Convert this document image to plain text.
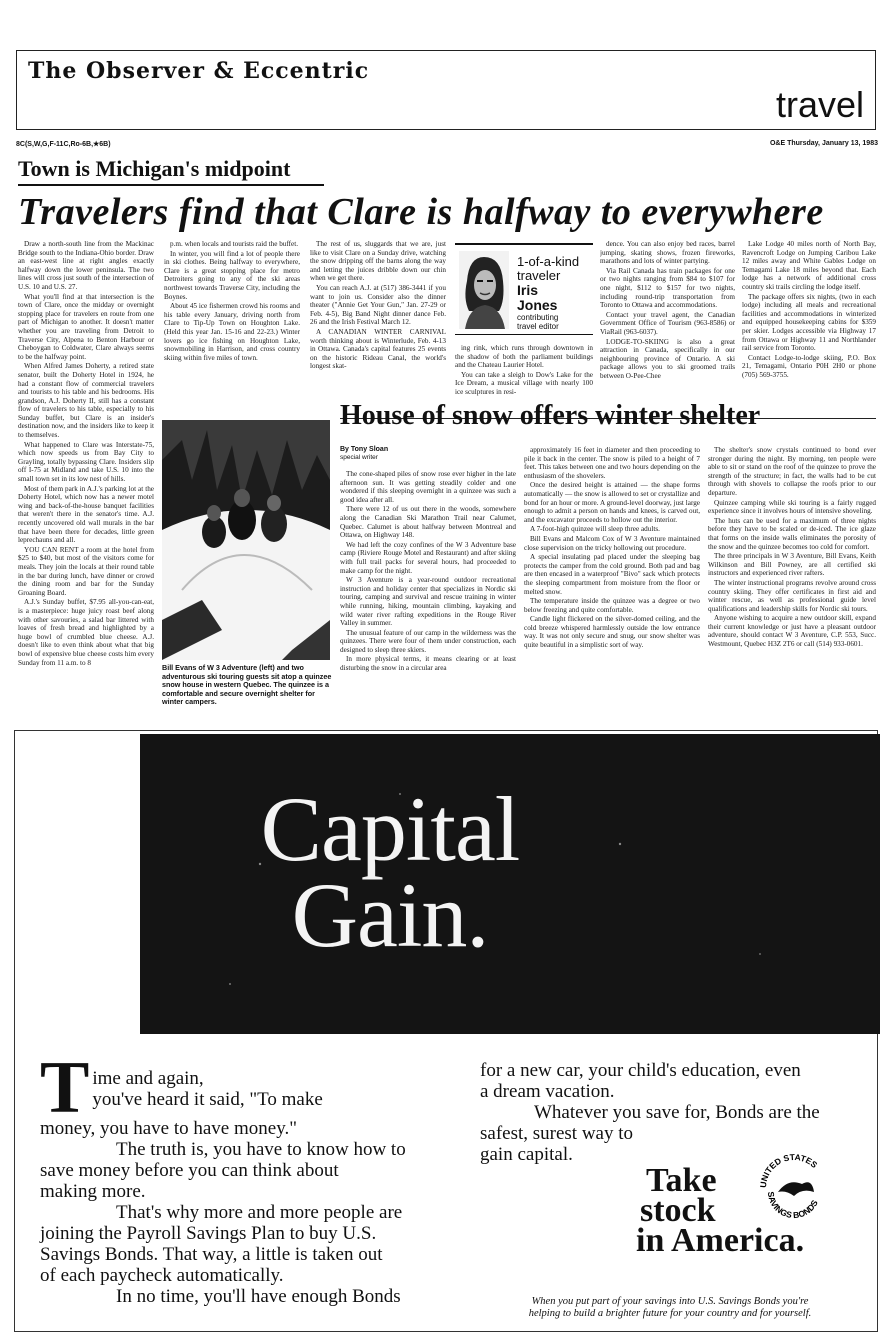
The Observer & Eccentric
travel
8C(S,W,G,F-11C,Ro-6B,★6B)	O&E Thursday, January 13, 1983
Town is Michigan's midpoint
Travelers find that Clare is halfway to everywhere

Draw a north-south line from the Mackinac Bridge south to the Indiana-Ohio border. Draw an east-west line at right angles exactly halfway down the lower peninsula. The two lines will cross just south of the intersection of U.S. 10 and U.S. 27.

What you'll find at that intersection is the town of Clare, once the midday or overnight stopping place for travelers en route from one part of Michigan to another. It doesn't matter whether you are traveling from Detroit to Traverse City, Alpena to Benton Harbour or Cheboygan to Coldwater, Clare always seems to be the halfway point.

When Alfred James Doherty, a retired state senator, built the Doherty Hotel in 1924, he had a constant flow of commercial travelers and tourists to his table and his bedrooms. His grandson, A.J. Doherty II, still has a constant flow of travelers to his table, especially to his Sunday buffet, but Clare is an insider's destination now, and the insiders like to keep it to themselves.

What happened to Clare was Interstate-75, which now speeds us from Bay City to Grayling, totally bypassing Clare. Insiders slip off I-75 at Midland and take U.S. 10 into the small town set in its low nest of hills.

Most of them park in A.J.'s parking lot at the Doherty Hotel, which now has a newer motel wing and back-of-the-house banquet facilities that weren't there in the senator's time. A.J. recently uncovered old wall murals in the bar that have been there for decades, little green leprechauns and all.

YOU CAN RENT a room at the hotel from $25 to $40, but most of the visitors come for meals. They join the locals at their round table in the bar during lunch, have dinner or crowd the dining room and bar for the Sunday Groaning Board.

A.J.'s Sunday buffet, $7.95 all-you-can-eat, is a masterpiece: huge juicy roast beef along with other savouries, a salad bar littered with loaves of fresh bread and highlighted by a huge bowl of crumbled blue cheese. A.J. doesn't like to even think about what that big bowl of expensive blue cheese costs him every Sunday from 11 a.m. to 8

p.m. when locals and tourists raid the buffet.

In winter, you will find a lot of people there in ski clothes. Being halfway to everywhere, Clare is a great stopping place for metro Detroiters going to any of the ski areas northwest towards Traverse City, including the Boynes.

About 45 ice fishermen crowd his rooms and his table every January, driving north from Clare to Tip-Up Town on Houghton Lake. (Held this year Jan. 15-16 and 22-23.) Winter lovers go ice fishing on Houghton Lake, snowmobiling in Harrison, and cross country skiing within five miles of town.

The rest of us, sluggards that we are, just like to visit Clare on a Sunday drive, watching the snow dripping off the barns along the way and letting the juices dribble down our chin when we get there.

You can reach A.J. at (517) 386-3441 if you want to join us. Consider also the dinner theater ("Annie Get Your Gun," Jan. 27-29 or Feb. 4-5), Big Band Night dinner dance Feb. 26 and the Irish Festival March 12.

A CANADIAN WINTER CARNIVAL worth thinking about is Winterlude, Feb. 4-13 in Ottawa. Canada's capital features 25 events on the historic Rideau Canal, the world's longest skat-

1-of-a-kind
traveler
Iris
Jones
contributing
travel editor

ing rink, which runs through downtown in the shadow of both the parliament buildings and the Chateau Laurier Hotel.

You can take a sleigh to Dow's Lake for the Ice Dream, a musical village with nearly 100 ice sculptures in resi-

dence. You can also enjoy bed races, barrel jumping, skating shows, frozen fireworks, marathons and lots of winter partying.

Via Rail Canada has train packages for one or two nights ranging from $84 to $107 for one night, $112 to $157 for two nights, including round-trip transportation from Toronto to Ottawa and accommodations.

Contact your travel agent, the Canadian Government Office of Tourism (963-8586) or ViaRail (963-6037).

LODGE-TO-SKIING is also a great attraction in Canada, specifically in our neighbouring province of Ontario. A ski package allows you to ski groomed trails between O-Pee-Chee

Lake Lodge 40 miles north of North Bay, Ravencroft Lodge on Jumping Caribou Lake 12 miles away and White Gables Lodge on Temagami Lake 18 miles beyond that. Each lodge has a network of additional cross country ski trails circling the lodge itself.

The package offers six nights, (two in each lodge) including all meals and recreational facilities and accommodations in winterized and equipped housekeeping cabins for $359 per skier. Lodges accessible via Highway 17 from Ottawa or Highway 11 and Northlander rail service from Toronto.

Contact Lodge-to-lodge skiing, P.O. Box 21, Temagami, Ontario P0H 2H0 or phone (705) 569-3755.

House of snow offers winter shelter
Bill Evans of W 3 Adventure (left) and two adventurous ski touring guests sit atop a quinzee snow house in western Quebec. The quinzee is a comfortable and secure overnight shelter for winter campers.
By Tony Sloan
special writer

The cone-shaped piles of snow rose ever higher in the late afternoon sun. It was getting steadily colder and one wondered if this sleeping overnight in a quinzee was such a good idea after all.

There were 12 of us out there in the woods, somewhere along the Canadian Ski Marathon Trail near Calumet, Quebec. Calumet is about halfway between Montreal and Ottawa, on Highway 148.

We had left the cozy confines of the W 3 Adventure base camp (Riviere Rouge Motel and Restaurant) and after skiing with full trail packs for several hours, had proceeded to make camp for the night.

W 3 Aventure is a year-round outdoor recreational instruction and holiday center that specializes in Nordic ski touring, camping and survival and rescue training in winter while running, hiking, mountain climbing, kayaking and wild water river rafting expeditions in the Rouge River Valley in summer.

The unusual feature of our camp in the wilderness was the quinzees. There were four of them under construction, each designed to sleep three skiers.

In more physical terms, it means clearing or at least disturbing the snow in a circular area

approximately 16 feet in diameter and then proceeding to pile it back in the center. The snow is piled to a height of 7 feet. This takes between one and two hours depending on the enthusiasm of the shovelers.

Once the desired height is attained — the shape forms automatically — the snow is allowed to set or crystallize and bond for an hour or more. A ground-level doorway, just large enough to admit a person on hands and knees, is carved out, and the excavator proceeds to hollow out the interior.

A 7-foot-high quinzee will sleep three adults.

Bill Evans and Malcom Cox of W 3 Aventure maintained close supervision on the tricky hollowing out procedure.

A special insulating pad placed under the sleeping bag protects the camper from the cold ground. Both pad and bag are then encased in a waterproof "Bivo" sack which protects the sleeping compartment from moisture from the floor or melted snow.

The temperature inside the quinzee was a degree or two below freezing and quite comfortable.

Candle light flickered on the silver-domed ceiling, and the cold breeze whispered harmlessly outside the low entrance way. It was not only secure and snug, our snow shelter was quite beautiful in a simplistic sort of way.

The shelter's snow crystals continued to bond ever stronger during the night. By morning, ten people were able to sit or stand on the roof of the quinzee to prove the strength of the structure; in fact, the walls had to be cut through with shovels to collapse the roofs prior to our departure.

Quinzee camping while ski touring is a fairly rugged experience since it involves hours of intensive shoveling.

The huts can be used for a maximum of three nights before they have to be scaled or de-iced. The ice glaze that forms on the inside walls eliminates the porosity of the snow and the quinzee becomes too cold for comfort.

The three principals in W 3 Aventure, Bill Evans, Keith Wilkinson and Bill Powney, are all certified ski instructors and experienced river rafters.

The winter instructional programs revolve around cross country skiing. They offer certificates in first aid and winter rescue, as well as professional guide level qualifications and leadership skills for Nordic ski tours.

Anyone wishing to acquire a new outdoor skill, expand their current knowledge or just have a pleasant outdoor adventure, should contact W 3 Aventure, C.P. 553, Succ. Westmount, Quebec H3Z 2T6 or call (514) 933-0601.

Capital
Gain.
T ime and again,
you've heard it said, "To make
money, you have to have money."
The truth is, you have to know how to
save money before you can think about
making more.
That's why more and more people are
joining the Payroll Savings Plan to buy U.S.
Savings Bonds. That way, a little is taken out
of each paycheck automatically.
In no time, you'll have enough Bonds
for a new car, your child's education, even
a dream vacation.
Whatever you save for, Bonds are the
safest, surest way to
gain capital.
Take
stock
in America.
UNITED STATES
SAVINGS BONDS
When you put part of your savings into U.S. Savings Bonds you're
helping to build a brighter future for your country and for yourself.
